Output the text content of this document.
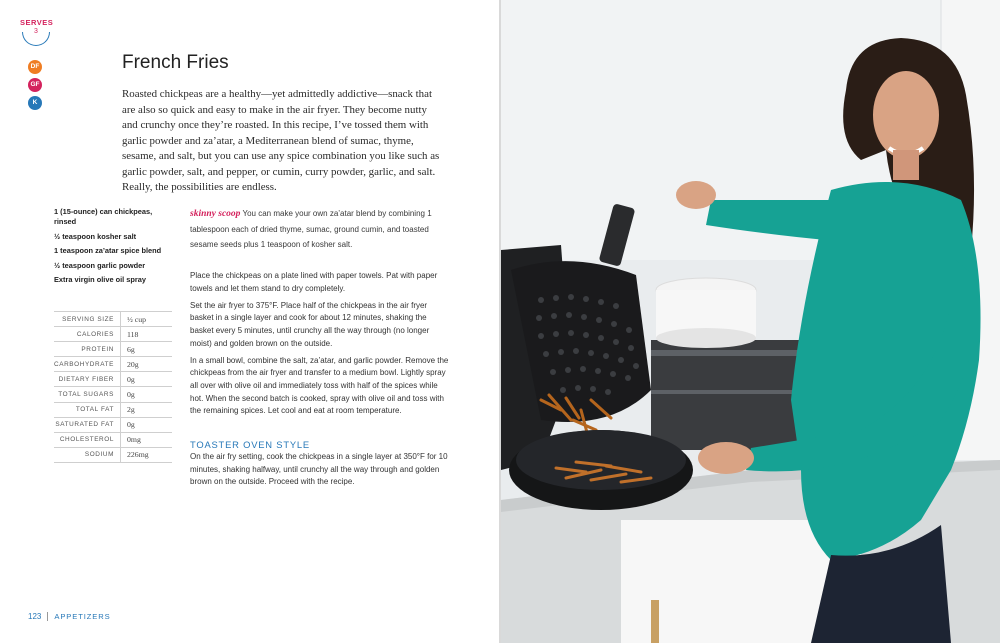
SERVES
3
DF
GF
K
French Fries

Roasted chickpeas are a healthy—yet admittedly addictive—snack that are also so quick and easy to make in the air fryer. They become nutty and crunchy once they’re roasted. In this recipe, I’ve tossed them with garlic powder and za’atar, a Mediterranean blend of sumac, thyme, sesame, and salt, but you can use any spice combination you like such as garlic powder, salt, and pepper, or cumin, curry powder, garlic, and salt. Really, the possibilities are endless.

1 (15-ounce) can chickpeas, rinsed
½ teaspoon kosher salt
1 teaspoon za’atar spice blend
½ teaspoon garlic powder
Extra virgin olive oil spray
SERVING SIZE	½ cup
CALORIES	118
PROTEIN	6g
CARBOHYDRATE	20g
DIETARY FIBER	0g
TOTAL SUGARS	0g
TOTAL FAT	2g
SATURATED FAT	0g
CHOLESTEROL	0mg
SODIUM	226mg

skinny scoop You can make your own za’atar blend by combining 1 tablespoon each of dried thyme, sumac, ground cumin, and toasted sesame seeds plus 1 teaspoon of kosher salt.

Place the chickpeas on a plate lined with paper towels. Pat with paper towels and let them stand to dry completely.

Set the air fryer to 375°F. Place half of the chickpeas in the air fryer basket in a single layer and cook for about 12 minutes, shaking the basket every 5 minutes, until crunchy all the way through (no longer moist) and golden brown on the outside.

In a small bowl, combine the salt, za’atar, and garlic powder. Remove the chickpeas from the air fryer and transfer to a medium bowl. Lightly spray all over with olive oil and immediately toss with half of the spices while hot. When the second batch is cooked, spray with olive oil and toss with the remaining spices. Let cool and eat at room temperature.

TOASTER OVEN STYLE

On the air fry setting, cook the chickpeas in a single layer at 350°F for 10 minutes, shaking halfway, until crunchy all the way through and golden brown on the outside. Proceed with the recipe.

123 APPETIZERS
